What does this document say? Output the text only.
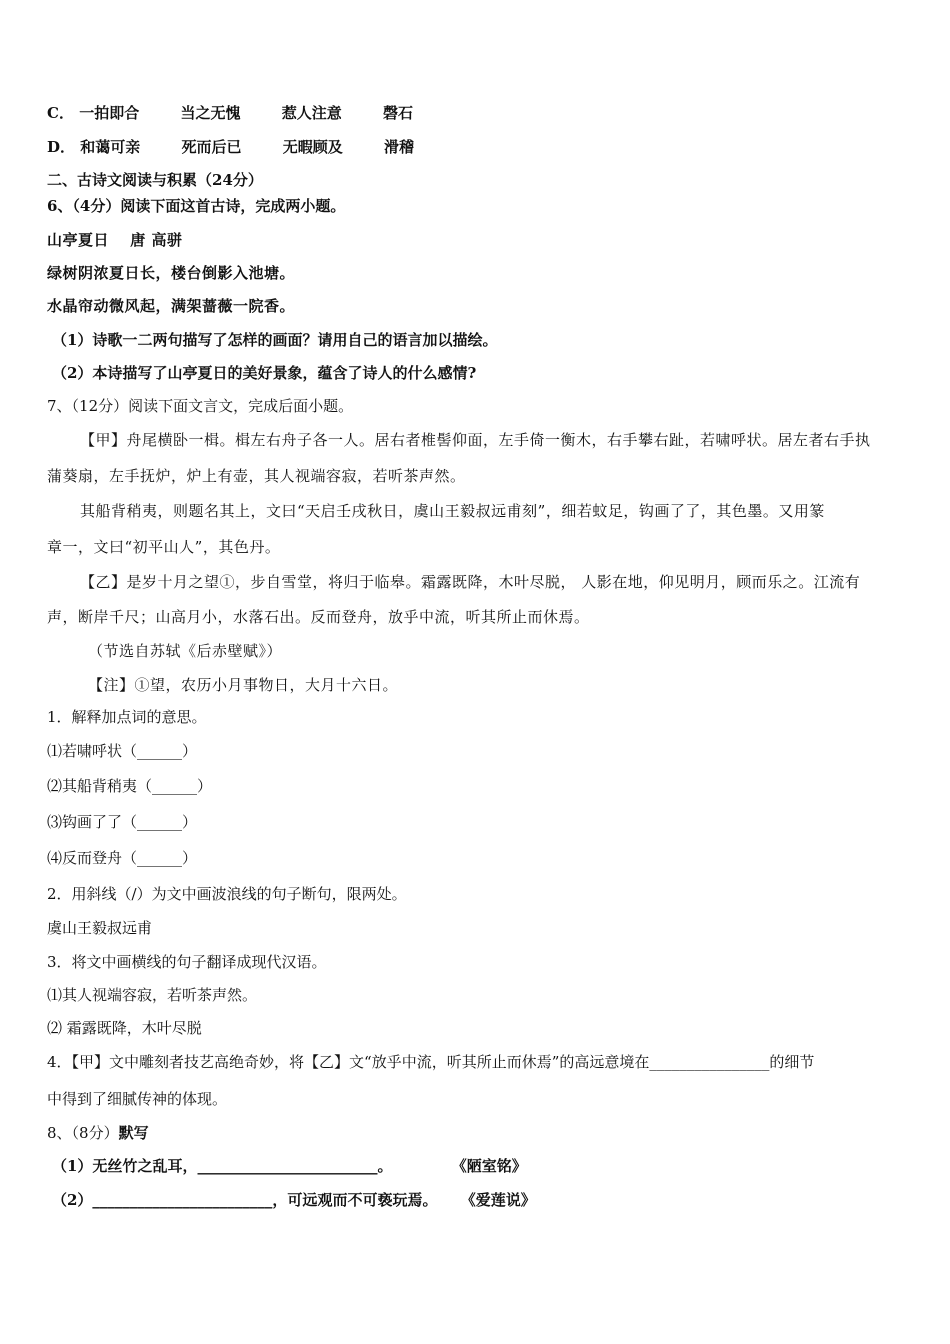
C． 一拍即合	当之无愧	惹人注意	磬石
D． 和蔼可亲	死而后已	无暇顾及	滑稽
二、古诗文阅读与积累（24分）
6、（4分）阅读下面这首古诗，完成两小题。
山亭夏日　 唐 高骈
绿树阴浓夏日长，楼台倒影入池塘。
水晶帘动微风起，满架蔷薇一院香。
（1）诗歌一二两句描写了怎样的画面？请用自己的语言加以描绘。
（2）本诗描写了山亭夏日的美好景象，蕴含了诗人的什么感情?
7、（12分）阅读下面文言文，完成后面小题。
【甲】舟尾横卧一楫。楫左右舟子各一人。居右者椎髻仰面，左手倚一衡木，右手攀右趾，若啸呼状。居左者右手执
蒲葵扇，左手抚炉，炉上有壶，其人视端容寂，若听茶声然。
其船背稍夷，则题名其上，文曰“天启壬戌秋日，虞山王毅叔远甫刻”，细若蚊足，钩画了了，其色墨。又用篆
章一，文曰“初平山人”，其色丹。
【乙】是岁十月之望①，步自雪堂，将归于临皋。霜露既降，木叶尽脱， 人影在地，仰见明月，顾而乐之。江流有
声，断岸千尺；山高月小，水落石出。反而登舟，放乎中流，听其所止而休焉。
（节选自苏轼《后赤壁赋》）
【注】①望，农历小月事物日，大月十六日。
1．解释加点词的意思。
⑴若啸呼状（______）
⑵其船背稍夷（______）
⑶钩画了了（______）
⑷反而登舟（______）
2．用斜线（/）为文中画波浪线的句子断句，限两处。
虞山王毅叔远甫
3．将文中画横线的句子翻译成现代汉语。
⑴其人视端容寂，若听茶声然。
⑵ 霜露既降，木叶尽脱
4．【甲】文中雕刻者技艺高绝奇妙，将【乙】文“放乎中流，听其所止而休焉”的高远意境在________________的细节
中得到了细腻传神的体现。
8、（8分）默写
（1）无丝竹之乱耳，________________________。	《陋室铭》
（2）________________________，可远观而不可亵玩焉。 《爱莲说》
